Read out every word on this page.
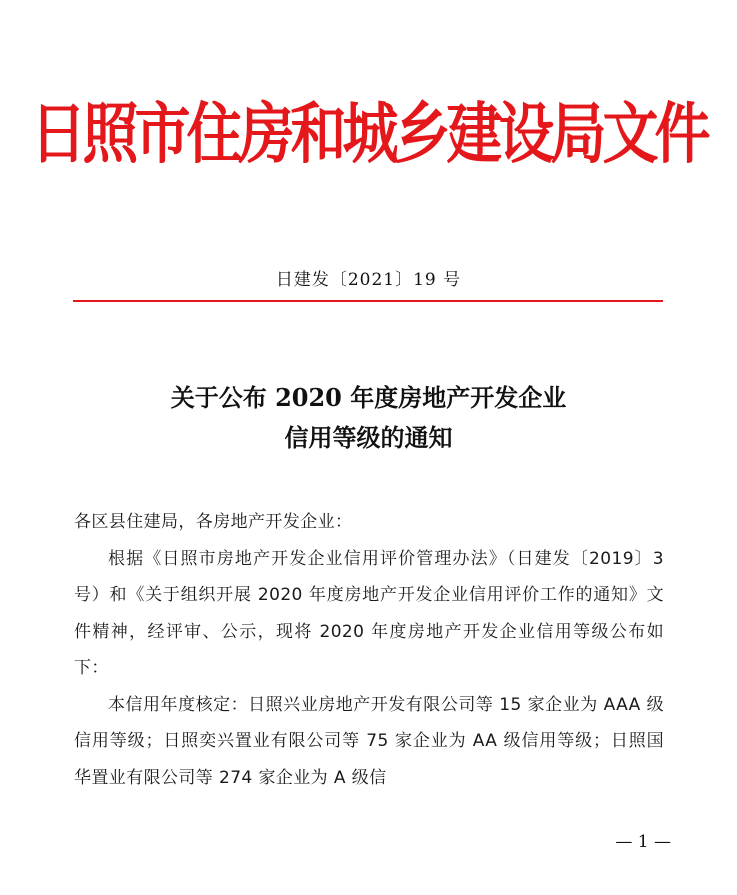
日照市住房和城乡建设局文件
日建发〔2021〕19 号
关于公布 2020 年度房地产开发企业
信用等级的通知

各区县住建局，各房地产开发企业：

根据《日照市房地产开发企业信用评价管理办法》（日建发〔2019〕3 号）和《关于组织开展 2020 年度房地产开发企业信用评价工作的通知》文件精神，经评审、公示，现将 2020 年度房地产开发企业信用等级公布如下：

本信用年度核定：日照兴业房地产开发有限公司等 15 家企业为 AAA 级信用等级；日照奕兴置业有限公司等 75 家企业为 AA 级信用等级；日照国华置业有限公司等 274 家企业为 A 级信

— 1 —
